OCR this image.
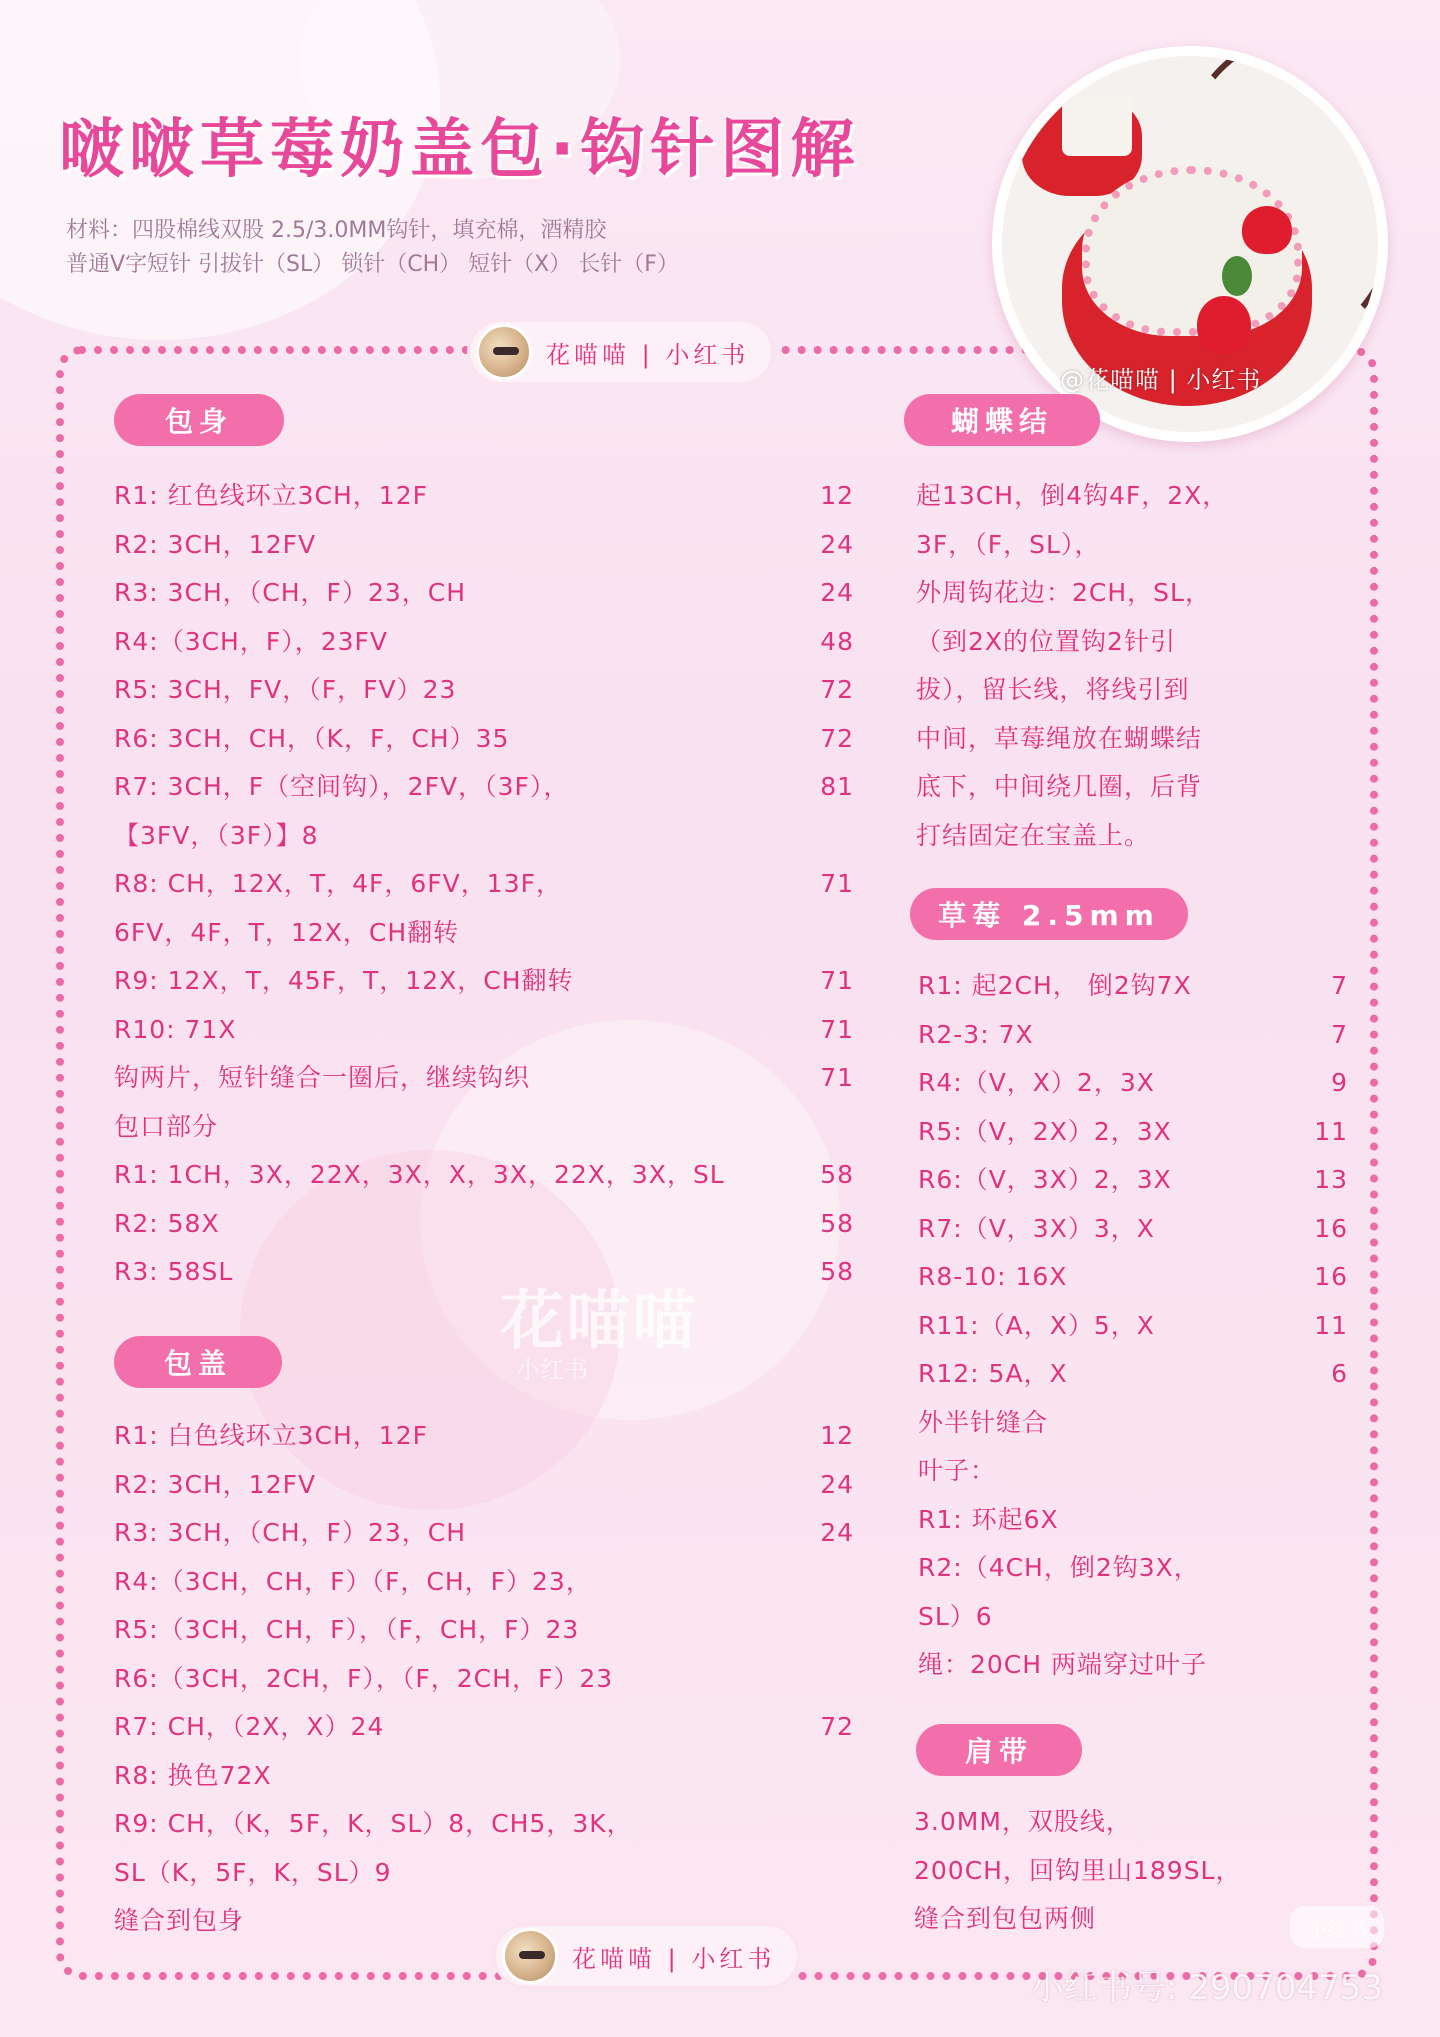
啵啵草莓奶盖包·钩针图解
材料：四股棉线双股 2.5/3.0MM钩针，填充棉，酒精胶
普通V字短针 引拔针（SL） 锁针（CH） 短针（X） 长针（F）
@花喵喵 | 小红书
花喵喵 | 小红书
包身
R1: 红色线环立3CH，12F	12
R2: 3CH，12FV	24
R3: 3CH，（CH，F）23，CH	24
R4:（3CH，F），23FV	48
R5: 3CH，FV，（F，FV）23	72
R6: 3CH，CH，（K，F，CH）35	72
R7: 3CH，F（空间钩），2FV，（3F），	81
【3FV，（3F）】8
R8: CH，12X，T，4F，6FV，13F，	71
6FV，4F，T，12X，CH翻转
R9: 12X，T，45F，T，12X，CH翻转	71
R10: 71X	71
钩两片，短针缝合一圈后，继续钩织	71
包口部分
R1: 1CH，3X，22X，3X，X，3X，22X，3X，SL	58
R2: 58X	58
R3: 58SL	58
包盖
R1: 白色线环立3CH，12F	12
R2: 3CH，12FV	24
R3: 3CH，（CH，F）23，CH	24
R4:（3CH，CH，F）（F，CH，F）23，
R5:（3CH，CH，F），（F，CH，F）23
R6:（3CH，2CH，F），（F，2CH，F）23
R7: CH，（2X，X）24	72
R8: 换色72X
R9: CH，（K，5F，K，SL）8，CH5，3K，
SL（K，5F，K，SL）9
缝合到包身
蝴蝶结
起13CH，倒4钩4F，2X，
3F，（F，SL），
外周钩花边：2CH，SL，
（到2X的位置钩2针引
拔），留长线，将线引到
中间，草莓绳放在蝴蝶结
底下，中间绕几圈，后背
打结固定在宝盖上。
草莓 2.5mm
R1: 起2CH， 倒2钩7X	7
R2-3: 7X	7
R4:（V，X）2，3X	9
R5:（V，2X）2，3X	11
R6:（V，3X）2，3X	13
R7:（V，3X）3，X	16
R8-10: 16X	16
R11:（A，X）5，X	11
R12: 5A，X	6
外半针缝合
叶子：
R1: 环起6X
R2:（4CH，倒2钩3X，
SL）6
绳：20CH 两端穿过叶子
肩带
3.0MM，双股线，
200CH，回钩里山189SL，
缝合到包包两侧
花喵喵
小红书
花喵喵 | 小红书
小红书
小红书号: 290704753
